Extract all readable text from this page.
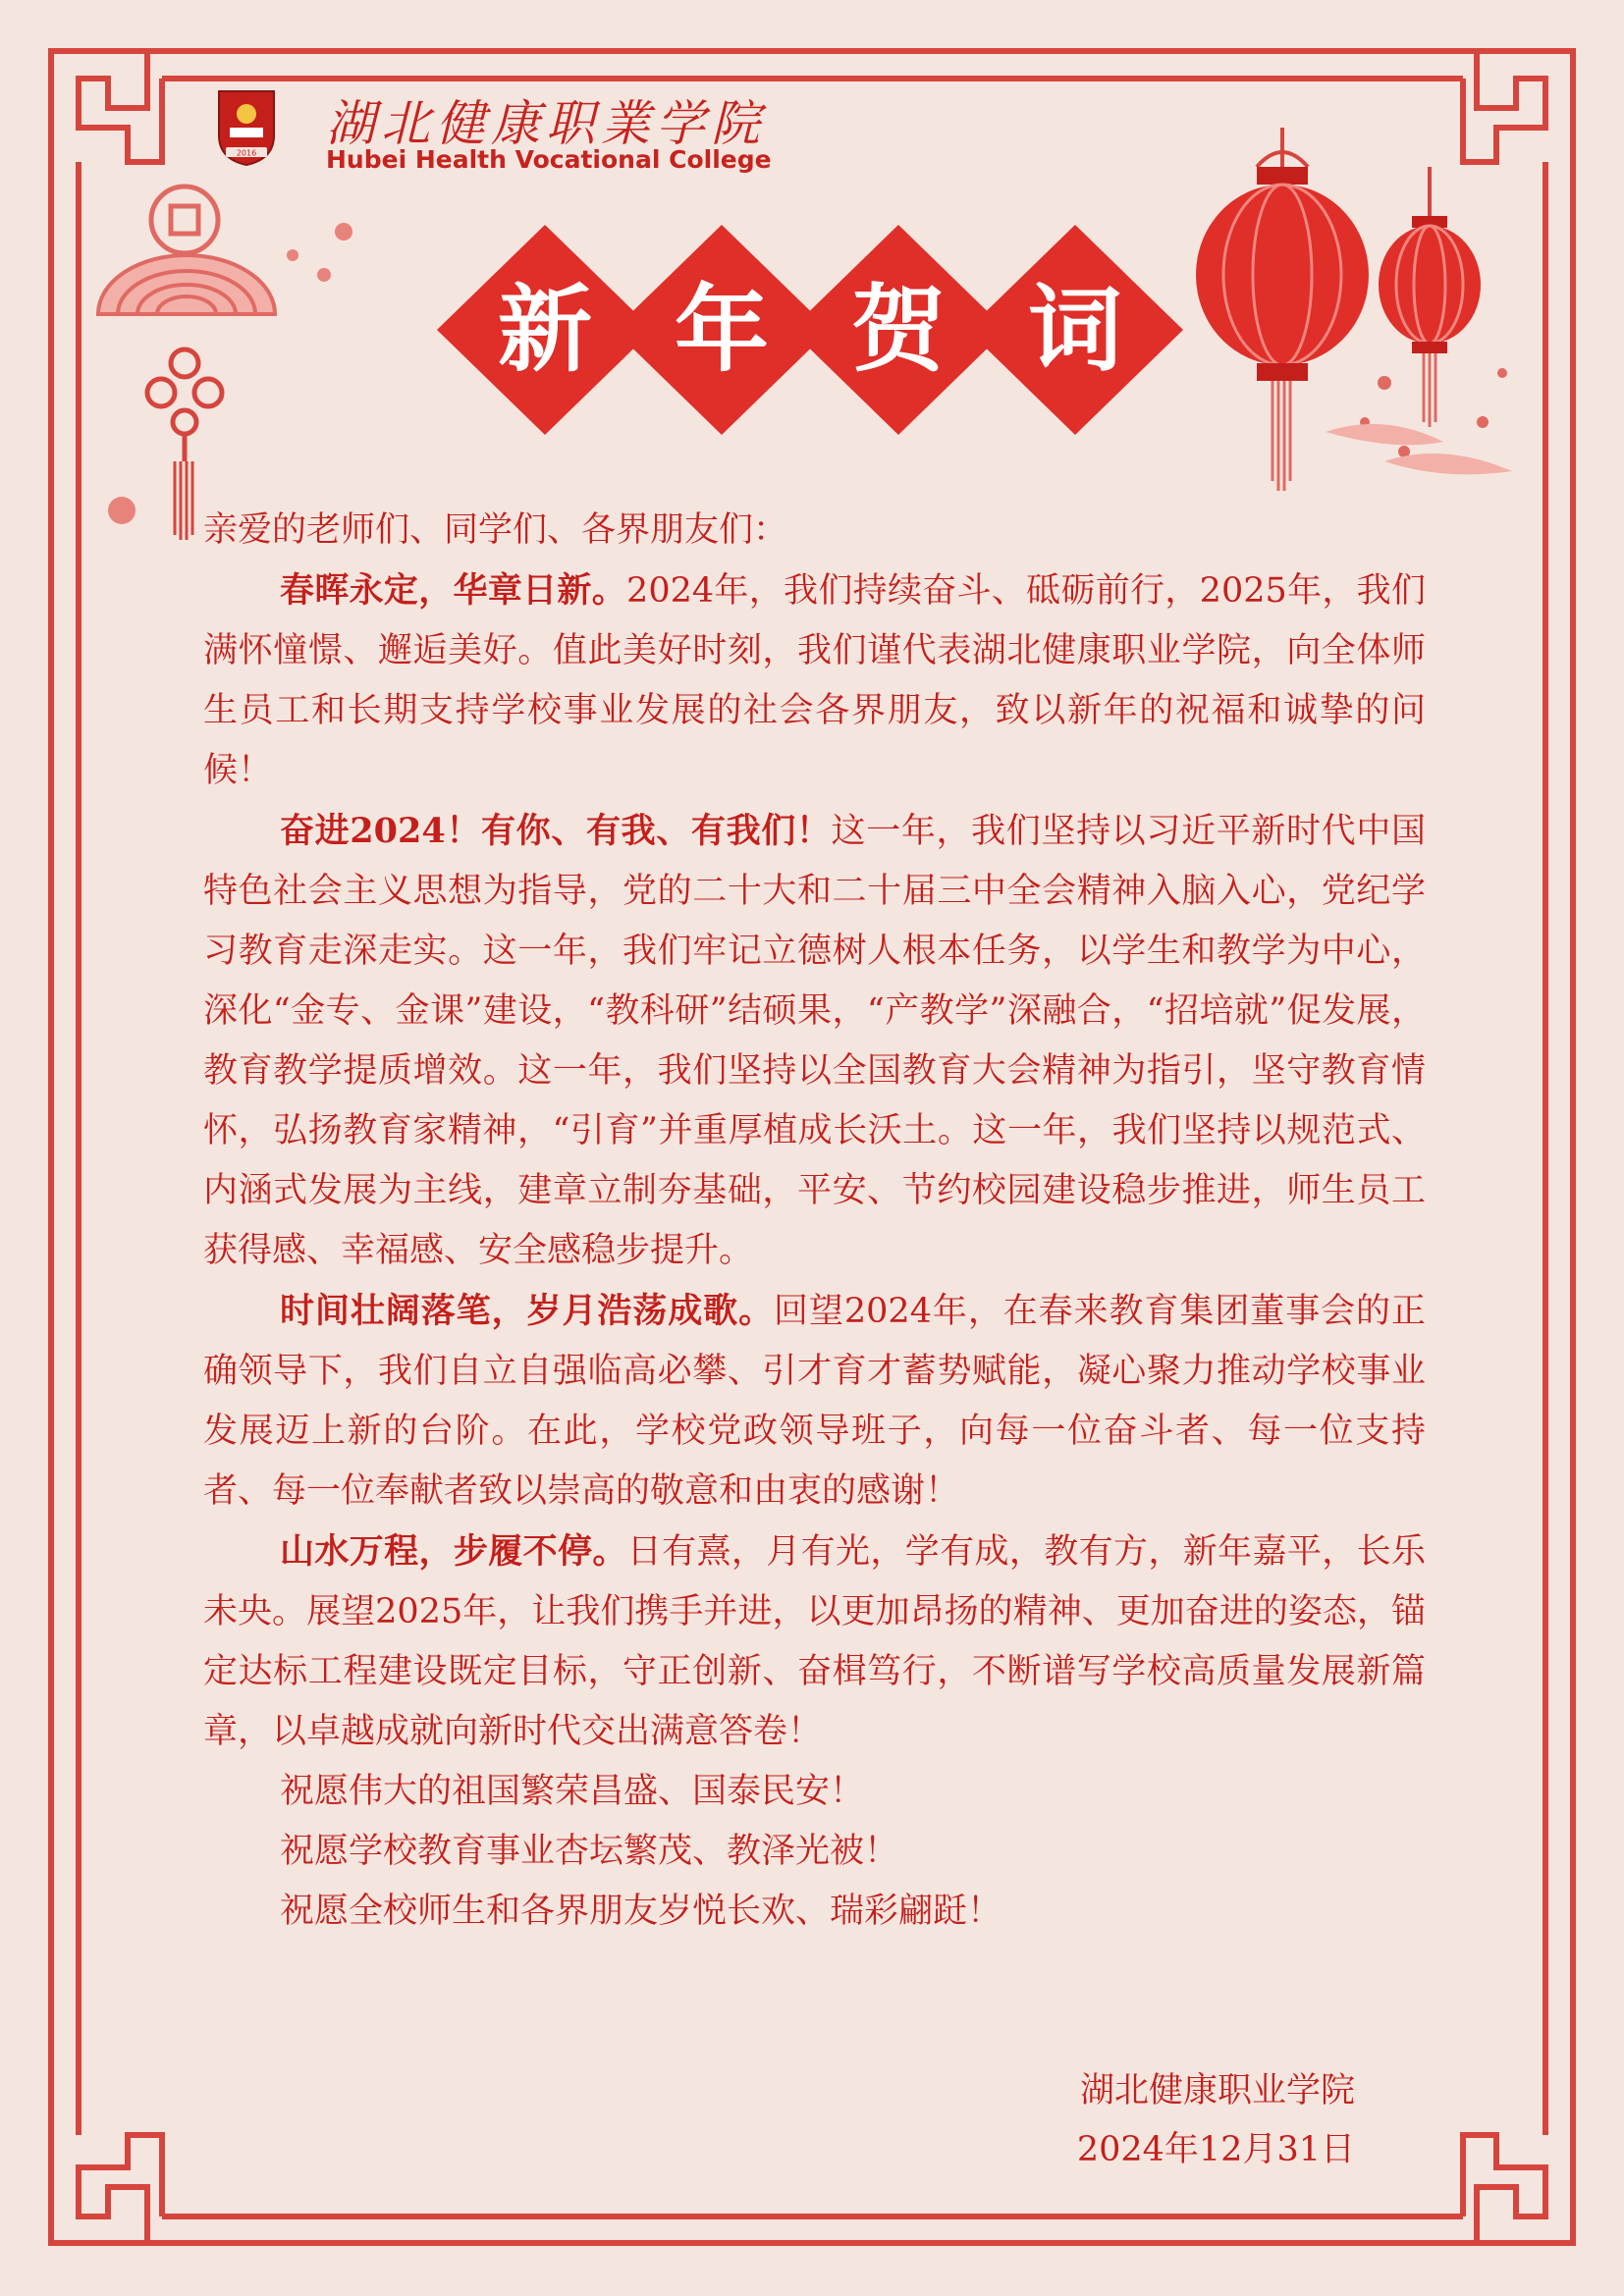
2016
湖北健康职業学院
Hubei Health Vocational College
新 年 贺 词

亲爱的老师们、同学们、各界朋友们：

春晖永定，华章日新。2024年，我们持续奋斗、砥砺前行，2025年，我们满怀憧憬、邂逅美好。值此美好时刻，我们谨代表湖北健康职业学院，向全体师生员工和长期支持学校事业发展的社会各界朋友，致以新年的祝福和诚挚的问候！

奋进2024！有你、有我、有我们！这一年，我们坚持以习近平新时代中国特色社会主义思想为指导，党的二十大和二十届三中全会精神入脑入心，党纪学习教育走深走实。这一年，我们牢记立德树人根本任务，以学生和教学为中心，深化“金专、金课”建设，“教科研”结硕果，“产教学”深融合，“招培就”促发展，教育教学提质增效。这一年，我们坚持以全国教育大会精神为指引，坚守教育情怀，弘扬教育家精神，“引育”并重厚植成长沃土。这一年，我们坚持以规范式、内涵式发展为主线，建章立制夯基础，平安、节约校园建设稳步推进，师生员工获得感、幸福感、安全感稳步提升。

时间壮阔落笔，岁月浩荡成歌。回望2024年，在春来教育集团董事会的正确领导下，我们自立自强临高必攀、引才育才蓄势赋能，凝心聚力推动学校事业发展迈上新的台阶。在此，学校党政领导班子，向每一位奋斗者、每一位支持者、每一位奉献者致以崇高的敬意和由衷的感谢！

山水万程，步履不停。日有熹，月有光，学有成，教有方，新年嘉平，长乐未央。展望2025年，让我们携手并进，以更加昂扬的精神、更加奋进的姿态，锚定达标工程建设既定目标，守正创新、奋楫笃行，不断谱写学校高质量发展新篇章，以卓越成就向新时代交出满意答卷！

祝愿伟大的祖国繁荣昌盛、国泰民安！

祝愿学校教育事业杏坛繁茂、教泽光被！

祝愿全校师生和各界朋友岁悦长欢、瑞彩翩跹！

湖北健康职业学院
2024年12月31日
